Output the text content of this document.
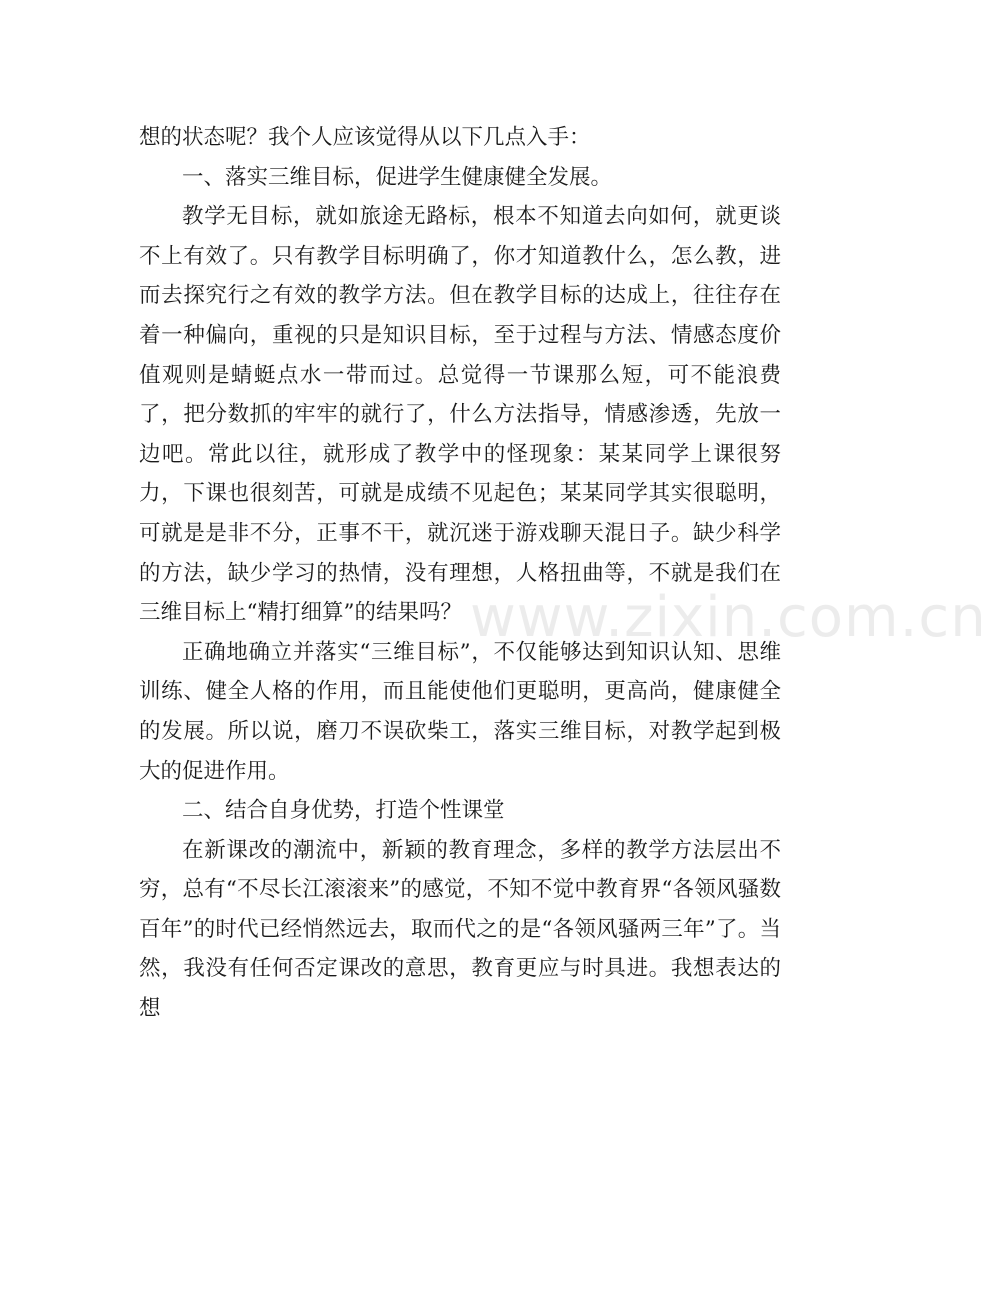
想的状态呢？我个人应该觉得从以下几点入手：

一、落实三维目标，促进学生健康健全发展。

教学无目标，就如旅途无路标，根本不知道去向如何，就更谈不上有效了。只有教学目标明确了，你才知道教什么，怎么教，进而去探究行之有效的教学方法。但在教学目标的达成上，往往存在着一种偏向，重视的只是知识目标，至于过程与方法、情感态度价值观则是蜻蜓点水一带而过。总觉得一节课那么短，可不能浪费了，把分数抓的牢牢的就行了，什么方法指导，情感渗透，先放一边吧。常此以往，就形成了教学中的怪现象：某某同学上课很努力，下课也很刻苦，可就是成绩不见起色；某某同学其实很聪明，可就是是非不分，正事不干，就沉迷于游戏聊天混日子。缺少科学的方法，缺少学习的热情，没有理想，人格扭曲等，不就是我们在三维目标上“精打细算”的结果吗？

正确地确立并落实“三维目标”，不仅能够达到知识认知、思维训练、健全人格的作用，而且能使他们更聪明，更高尚，健康健全的发展。所以说，磨刀不误砍柴工，落实三维目标，对教学起到极大的促进作用。

二、结合自身优势，打造个性课堂

在新课改的潮流中，新颖的教育理念，多样的教学方法层出不穷，总有“不尽长江滚滚来”的感觉，不知不觉中教育界“各领风骚数百年”的时代已经悄然远去，取而代之的是“各领风骚两三年”了。当然，我没有任何否定课改的意思，教育更应与时具进。我想表达的想

www.zixin.com.cn
